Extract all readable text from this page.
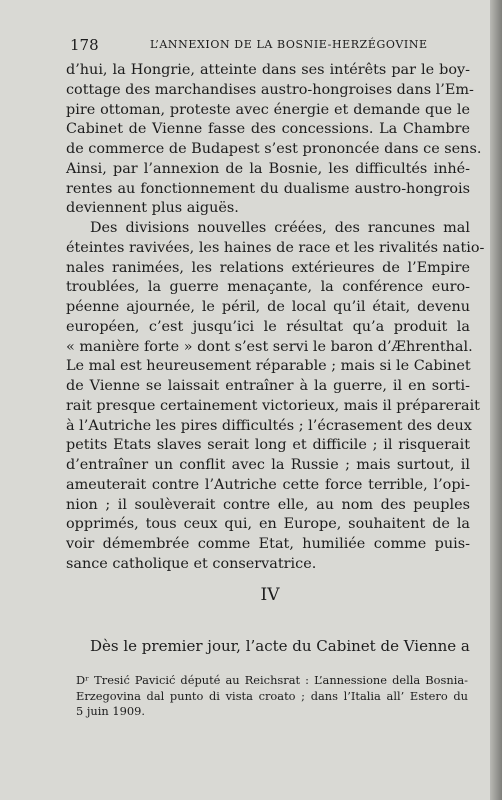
178	L’ANNEXION DE LA BOSNIE-HERZÉGOVINE
d’hui, la Hongrie, atteinte dans ses intérêts par le boy-
cottage des marchandises austro-hongroises dans l’Em-
pire ottoman, proteste avec énergie et demande que le
Cabinet de Vienne fasse des concessions. La Chambre
de commerce de Budapest s’est prononcée dans ce sens.
Ainsi, par l’annexion de la Bosnie, les difficultés inhé-
rentes au fonctionnement du dualisme austro-hongrois
deviennent plus aiguës.
Des divisions nouvelles créées, des rancunes mal
éteintes ravivées, les haines de race et les rivalités natio-
nales ranimées, les relations extérieures de l’Empire
troublées, la guerre menaçante, la conférence euro-
péenne ajournée, le péril, de local qu’il était, devenu
européen, c’est jusqu’ici le résultat qu’a produit la
« manière forte » dont s’est servi le baron d’Æhrenthal.
Le mal est heureusement réparable ; mais si le Cabinet
de Vienne se laissait entraîner à la guerre, il en sorti-
rait presque certainement victorieux, mais il préparerait
à l’Autriche les pires difficultés ; l’écrasement des deux
petits Etats slaves serait long et difficile ; il risquerait
d’entraîner un conflit avec la Russie ; mais surtout, il
ameuterait contre l’Autriche cette force terrible, l’opi-
nion ; il soulèverait contre elle, au nom des peuples
opprimés, tous ceux qui, en Europe, souhaitent de la
voir démembrée comme Etat, humiliée comme puis-
sance catholique et conservatrice.
IV
Dès le premier jour, l’acte du Cabinet de Vienne a
Dʳ Tresić Pavicić député au Reichsrat : L’annessione della Bosnia-
Erzegovina dal punto di vista croato ; dans l’Italia all’ Estero du
5 juin 1909.
